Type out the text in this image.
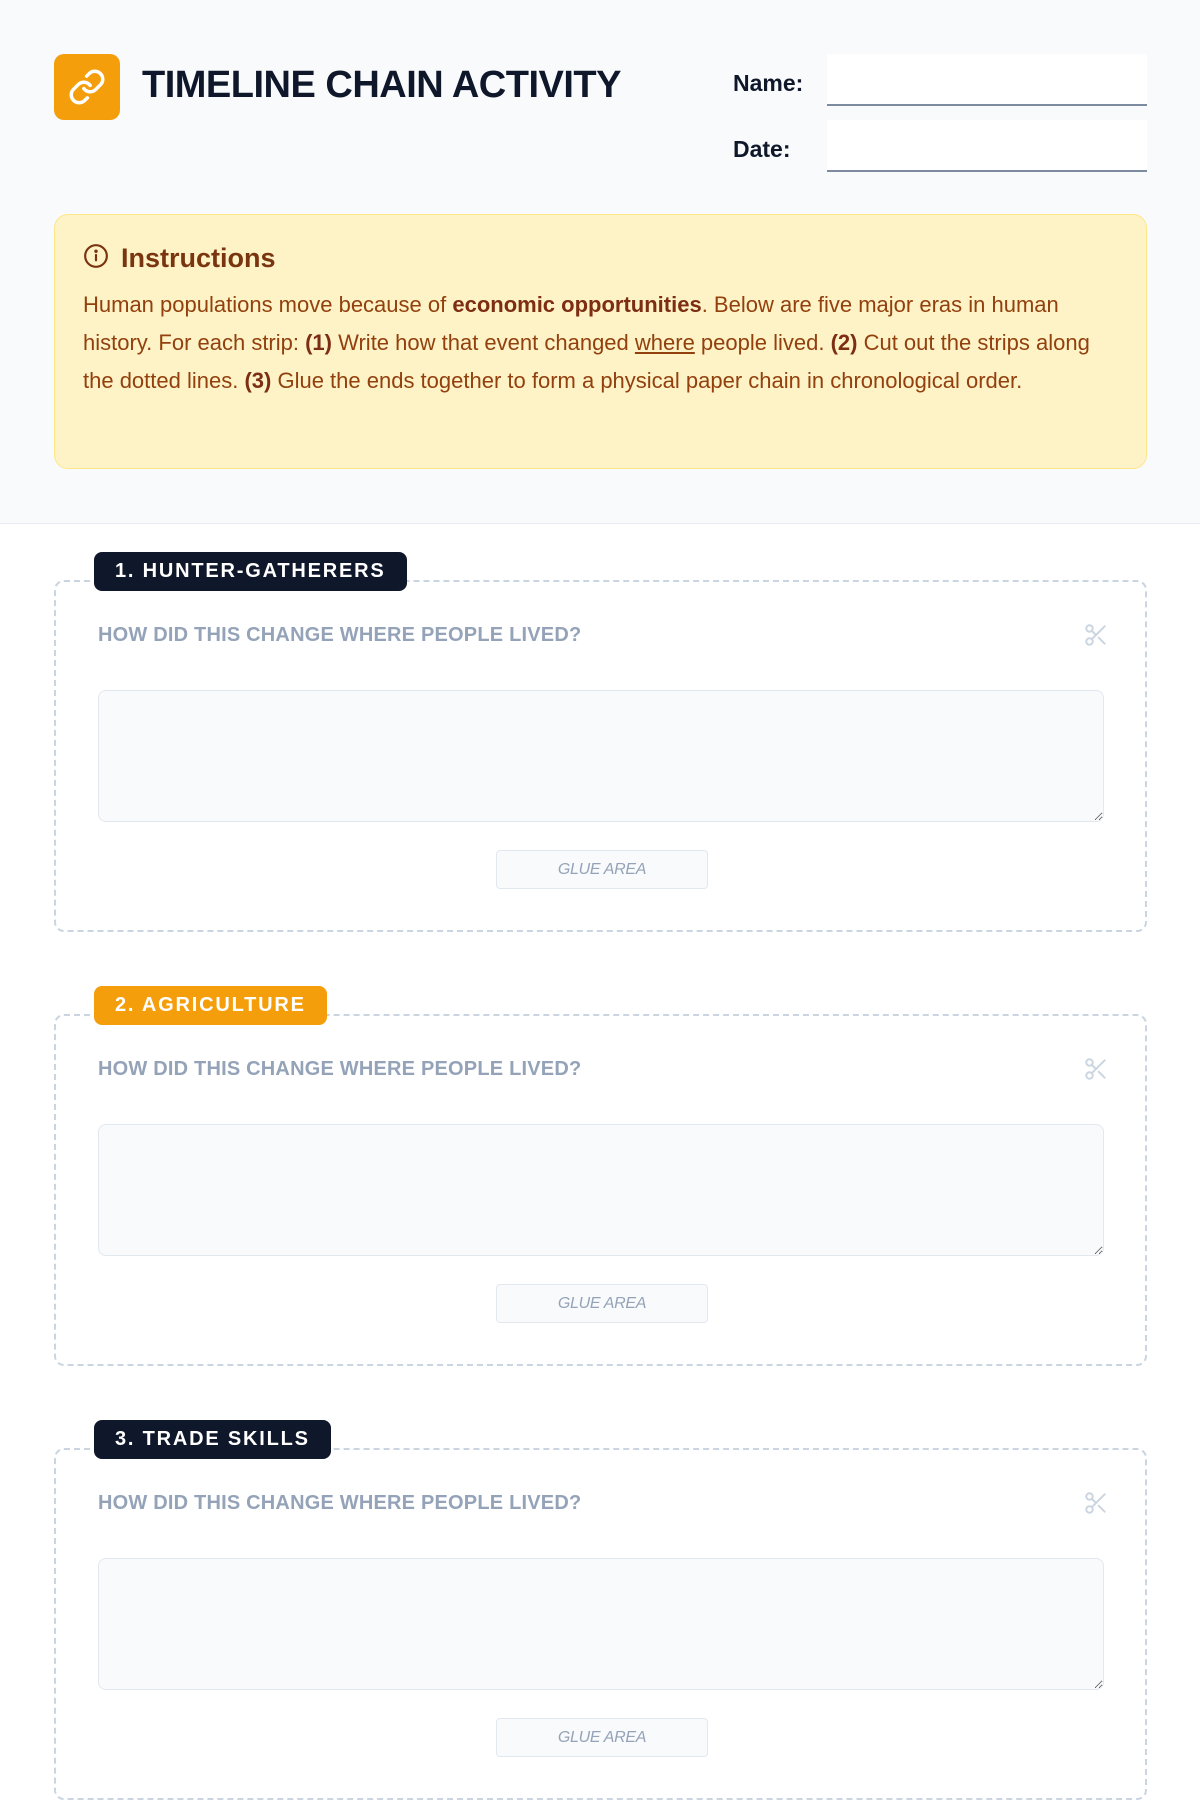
TIMELINE CHAIN ACTIVITY	Name:
Date:
Instructions

Human populations move because of economic opportunities. Below are five major eras in human history. For each strip: (1) Write how that event changed where people lived. (2) Cut out the strips along the dotted lines. (3) Glue the ends together to form a physical paper chain in chronological order.

HOW DID THIS CHANGE WHERE PEOPLE LIVED?
GLUE AREA
1. HUNTER-GATHERERS
HOW DID THIS CHANGE WHERE PEOPLE LIVED?
GLUE AREA
2. AGRICULTURE
HOW DID THIS CHANGE WHERE PEOPLE LIVED?
GLUE AREA
3. TRADE SKILLS
